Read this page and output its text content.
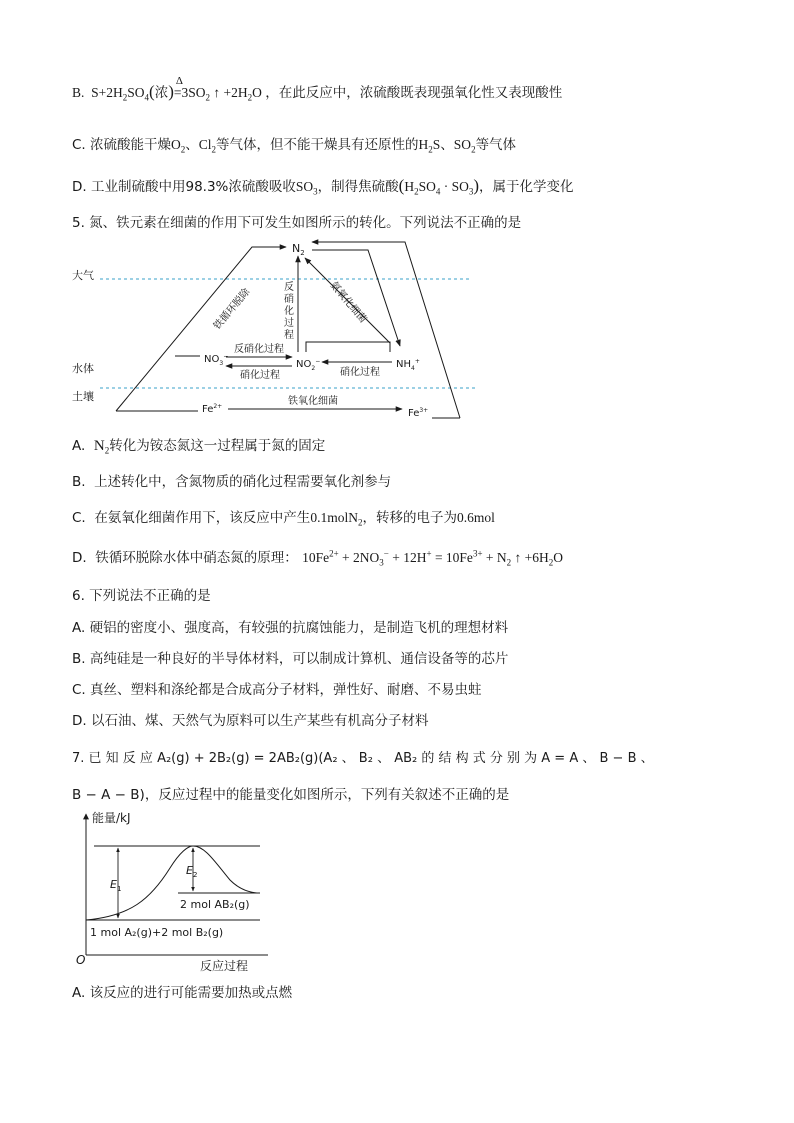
B. $S+2H_2SO_4$(浓)
Δ
$=3SO_2$ ↑ $+2H_2O$ ，在此反应中，浓硫酸既表现强氧化性又表现酸性
C. 浓硫酸能干燥$O_2$、$Cl_2$等气体，但不能干燥具有还原性的$H_2S$、$SO_2$等气体
D. 工业制硫酸中用98.3%浓硫酸吸收$SO_3$，制得焦硫酸$(H_2SO_4 \cdot SO_3)$，属于化学变化
5. 氮、铁元素在细菌的作用下可发生如图所示的转化。下列说法不正确的是
大气
水体
土壤
$N_2$
$NO_3^-$
$NO_2^-$	$NH_4^+$
$Fe^{2+}$
$Fe^{3+}$
铁循环脱除	氨氧化细菌
反 硝 化 过 程
反硝化过程
硝化过程	硝化过程
铁氧化细菌
A. $N_2$转化为铵态氮这一过程属于氮的固定
B. 上述转化中，含氮物质的硝化过程需要氧化剂参与
C. 在氨氧化细菌作用下，该反应中产生0.1molN$_2$，转移的电子为0.6mol
D. 铁循环脱除水体中硝态氮的原理： $10Fe^{2+} + 2NO_3^- + 12H^+ = 10Fe^{3+} + N_2$ ↑ $+6H_2O$
6. 下列说法不正确的是
A. 硬铝的密度小、强度高，有较强的抗腐蚀能力，是制造飞机的理想材料
B. 高纯硅是一种良好的半导体材料，可以制成计算机、通信设备等的芯片
C. 真丝、塑料和涤纶都是合成高分子材料，弹性好、耐磨、不易虫蛀
D. 以石油、煤、天然气为原料可以生产某些有机高分子材料
7. 已 知 反 应 A₂(g) + 2B₂(g) = 2AB₂(g)(A₂ 、 B₂ 、 AB₂ 的 结 构 式 分 别 为 A = A 、 B − B 、
B − A − B)，反应过程中的能量变化如图所示，下列有关叙述不正确的是
能量/kJ
反应过程
O
$E_1$
$E_2$
2 mol AB₂(g)
1 mol A₂(g)+2 mol B₂(g)
A. 该反应的进行可能需要加热或点燃
